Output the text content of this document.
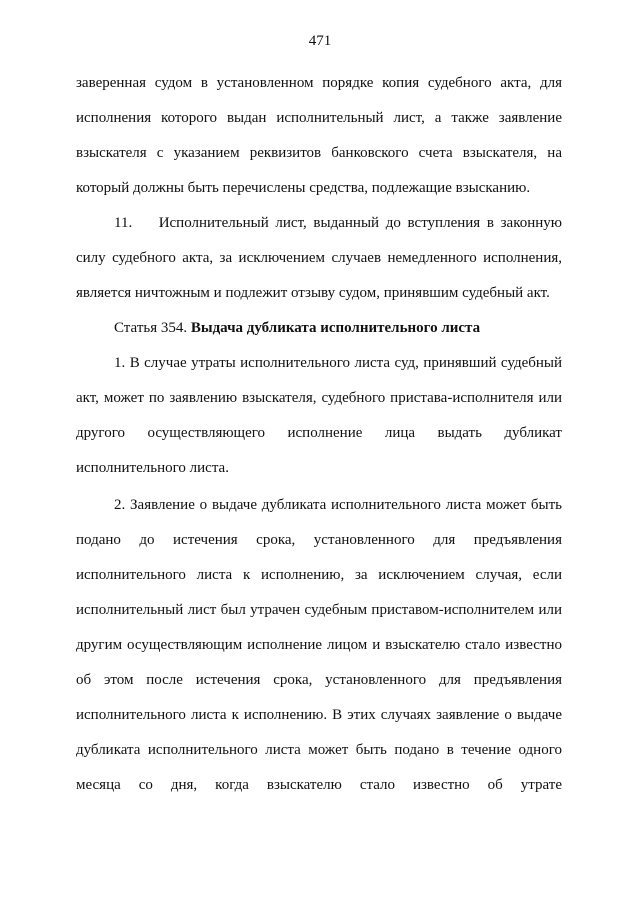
471

заверенная судом в установленном порядке копия судебного акта, для исполнения которого выдан исполнительный лист, а также заявление взыскателя с указанием реквизитов банковского счета взыскателя, на который должны быть перечислены средства, подлежащие взысканию.

11. Исполнительный лист, выданный до вступления в законную силу судебного акта, за исключением случаев немедленного исполнения, является ничтожным и подлежит отзыву судом, принявшим судебный акт.

Статья 354. Выдача дубликата исполнительного листа

1. В случае утраты исполнительного листа суд, принявший судебный акт, может по заявлению взыскателя, судебного пристава-исполнителя или другого осуществляющего исполнение лица выдать дубликат исполнительного листа.

2. Заявление о выдаче дубликата исполнительного листа может быть подано до истечения срока, установленного для предъявления исполнительного листа к исполнению, за исключением случая, если исполнительный лист был утрачен судебным приставом-исполнителем или другим осуществляющим исполнение лицом и взыскателю стало известно об этом после истечения срока, установленного для предъявления исполнительного листа к исполнению. В этих случаях заявление о выдаче дубликата исполнительного листа может быть подано в течение одного месяца со дня, когда взыскателю стало известно об утрате
